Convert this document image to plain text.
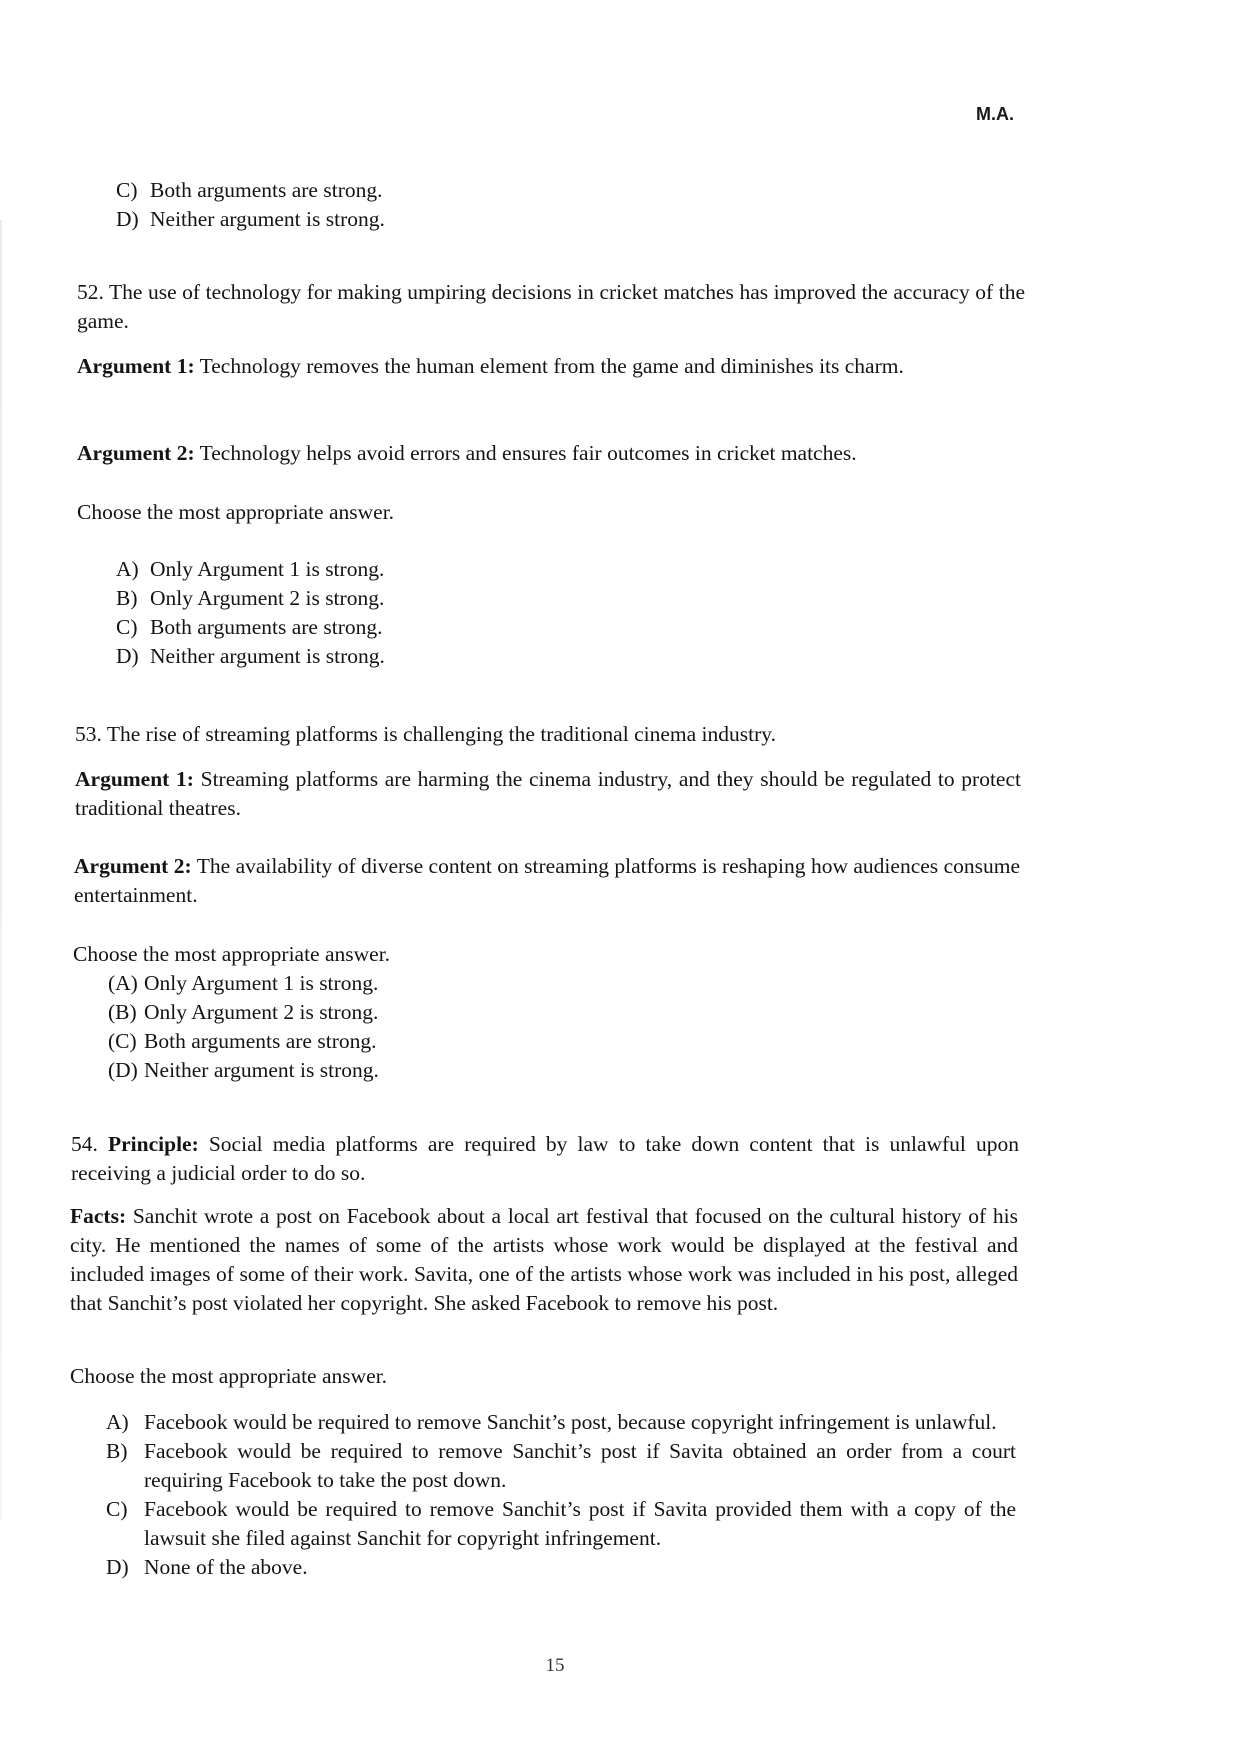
M.A.
C) Both arguments are strong.
D) Neither argument is strong.
52. The use of technology for making umpiring decisions in cricket matches has improved the accuracy of the game.
Argument 1: Technology removes the human element from the game and diminishes its charm.
Argument 2: Technology helps avoid errors and ensures fair outcomes in cricket matches.
Choose the most appropriate answer.
A) Only Argument 1 is strong.
B) Only Argument 2 is strong.
C) Both arguments are strong.
D) Neither argument is strong.
53. The rise of streaming platforms is challenging the traditional cinema industry.
Argument 1: Streaming platforms are harming the cinema industry, and they should be regulated to protect traditional theatres.
Argument 2: The availability of diverse content on streaming platforms is reshaping how audiences consume entertainment.
Choose the most appropriate answer.
(A) Only Argument 1 is strong.
(B) Only Argument 2 is strong.
(C) Both arguments are strong.
(D) Neither argument is strong.
54. Principle: Social media platforms are required by law to take down content that is unlawful upon receiving a judicial order to do so.
Facts: Sanchit wrote a post on Facebook about a local art festival that focused on the cultural history of his city. He mentioned the names of some of the artists whose work would be displayed at the festival and included images of some of their work. Savita, one of the artists whose work was included in his post, alleged that Sanchit’s post violated her copyright. She asked Facebook to remove his post.
Choose the most appropriate answer.
A) Facebook would be required to remove Sanchit’s post, because copyright infringement is unlawful.
B) Facebook would be required to remove Sanchit’s post if Savita obtained an order from a court requiring Facebook to take the post down.
C) Facebook would be required to remove Sanchit’s post if Savita provided them with a copy of the lawsuit she filed against Sanchit for copyright infringement.
D) None of the above.
15
